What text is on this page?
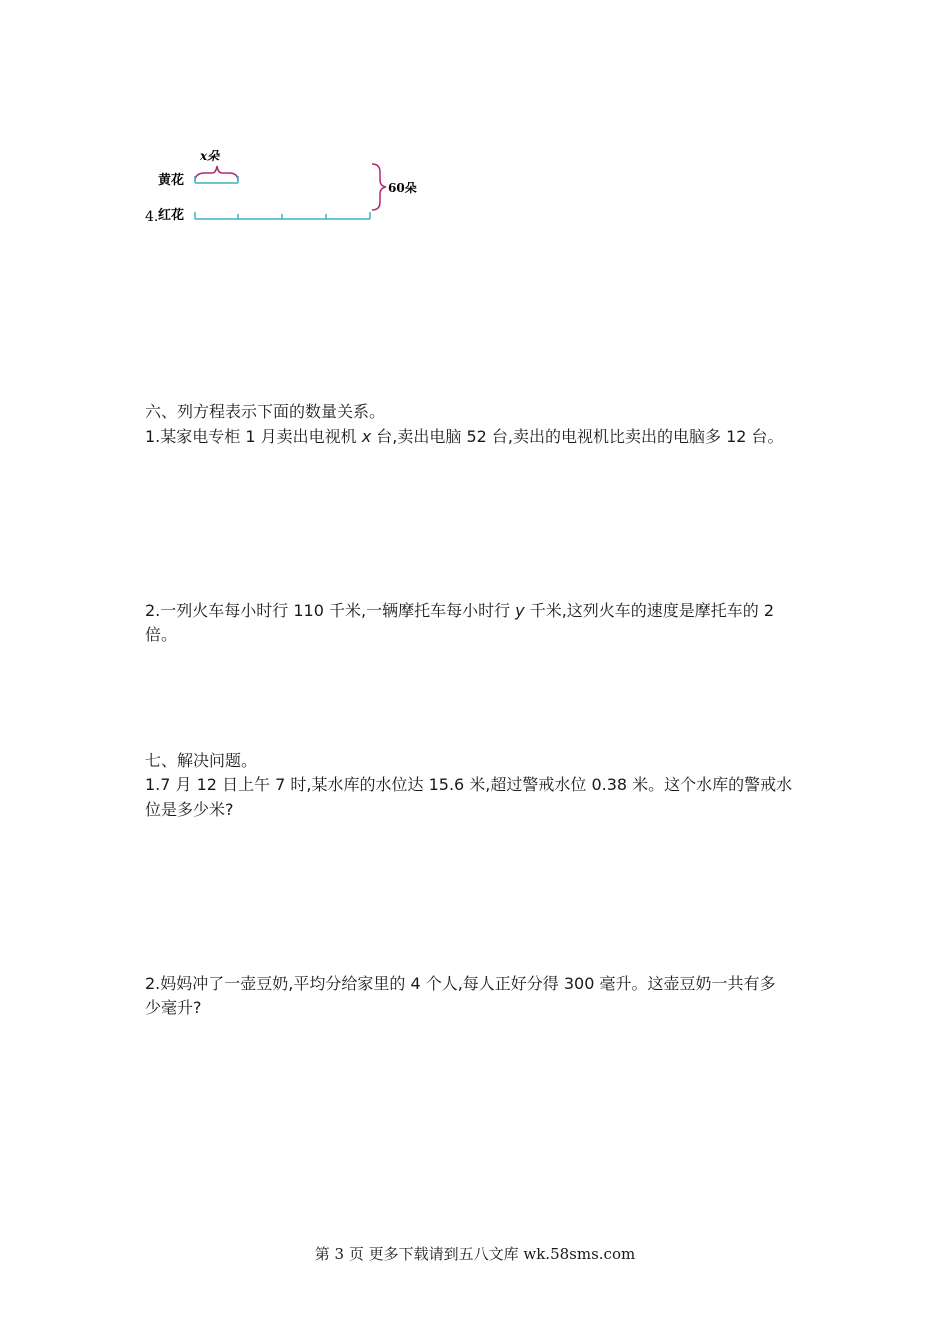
x朵
黄花
4. 红花
60朵
六、列方程表示下面的数量关系。
1.某家电专柜 1 月卖出电视机 x 台,卖出电脑 52 台,卖出的电视机比卖出的电脑多 12 台。
2.一列火车每小时行 110 千米,一辆摩托车每小时行 y 千米,这列火车的速度是摩托车的 2
倍。
七、解决问题。
1.7 月 12 日上午 7 时,某水库的水位达 15.6 米,超过警戒水位 0.38 米。这个水库的警戒水
位是多少米?
2.妈妈冲了一壶豆奶,平均分给家里的 4 个人,每人正好分得 300 毫升。这壶豆奶一共有多
少毫升?
第 3 页 更多下载请到五八文库 wk.58sms.com
